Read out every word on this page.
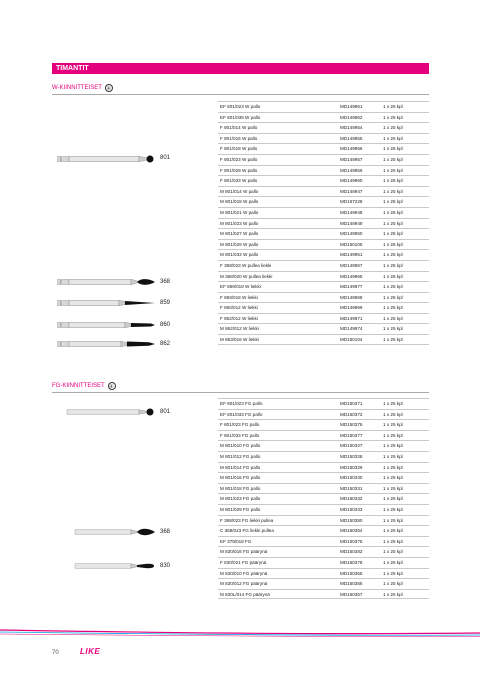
TIMANTIT
W-KIINNITTEISET ④
EF 801/023 W pallo	MD149961	1 x 25 kpl
EF 801/035 W pallo	MD149962	1 x 25 kpl
F 801/014 W pallo	MD149954	1 x 25 kpl
F 801/016 W pallo	MD149955	1 x 25 kpl
F 801/018 W pallo	MD149956	1 x 25 kpl
F 801/023 W pallo	MD149957	1 x 25 kpl
F 801/029 W pallo	MD149959	1 x 25 kpl
F 801/033 W pallo	MD149960	1 x 25 kpl
M 801/014 W pallo	MD149947	1 x 25 kpl
M 801/018 W pallo	MD167228	1 x 25 kpl
M 801/021 W pallo	MD149948	1 x 25 kpl
M 801/023 W pallo	MD149949	1 x 25 kpl
M 801/027 W pallo	MD149950	1 x 25 kpl
M 801/029 W pallo	MD150105	1 x 25 kpl
M 801/033 W pallo	MD149951	1 x 25 kpl
F 368/023 W pullea liekki	MD149967	1 x 25 kpl
M 368/020 W pullea liekki	MD149965	1 x 25 kpl
EF 859/018 W liekki	MD149977	1 x 25 kpl
F 859/018 W liekki	MD149968	1 x 25 kpl
F 860/012 W liekki	MD149969	1 x 25 kpl
F 862/012 W liekki	MD149971	1 x 25 kpl
M 862/012 W liekki	MD149974	1 x 25 kpl
M 863/016 W liekki	MD150104	1 x 25 kpl
FG-KIINNITTEISET ④
EF 801/023 FG pallo	MD150371	1 x 25 kpl
EF 801/033 FG pallo	MD150372	1 x 25 kpl
F 801/023 FG pallo	MD150376	1 x 25 kpl
F 801/033 FG pallo	MD150377	1 x 25 kpl
M 801/010 FG pallo	MD150327	1 x 25 kpl
M 801/012 FG pallo	MD150328	1 x 25 kpl
M 801/014 FG pallo	MD150329	1 x 25 kpl
M 801/016 FG pallo	MD150330	1 x 25 kpl
M 801/018 FG pallo	MD150331	1 x 25 kpl
M 801/023 FG pallo	MD150332	1 x 25 kpl
M 801/029 FG pallo	MD150333	1 x 25 kpl
F 368/023 FG liekki pullea	MD150380	1 x 25 kpl
C 368/023 FG liekki pullea	MD150354	1 x 25 kpl
EF 379/018 FG	MD150375	1 x 25 kpl
M 830/016 FG päärynä	MD150382	1 x 25 kpl
F 830/021 FG päärynä	MD150378	1 x 25 kpl
M 830/010 FG päärynä	MD150355	1 x 25 kpl
M 830/012 FG päärynä	MD150356	1 x 25 kpl
M 830L/014 FG päärynä	MD150357	1 x 25 kpl
801
368
859
860
862
801
368
830
70	LIKE
